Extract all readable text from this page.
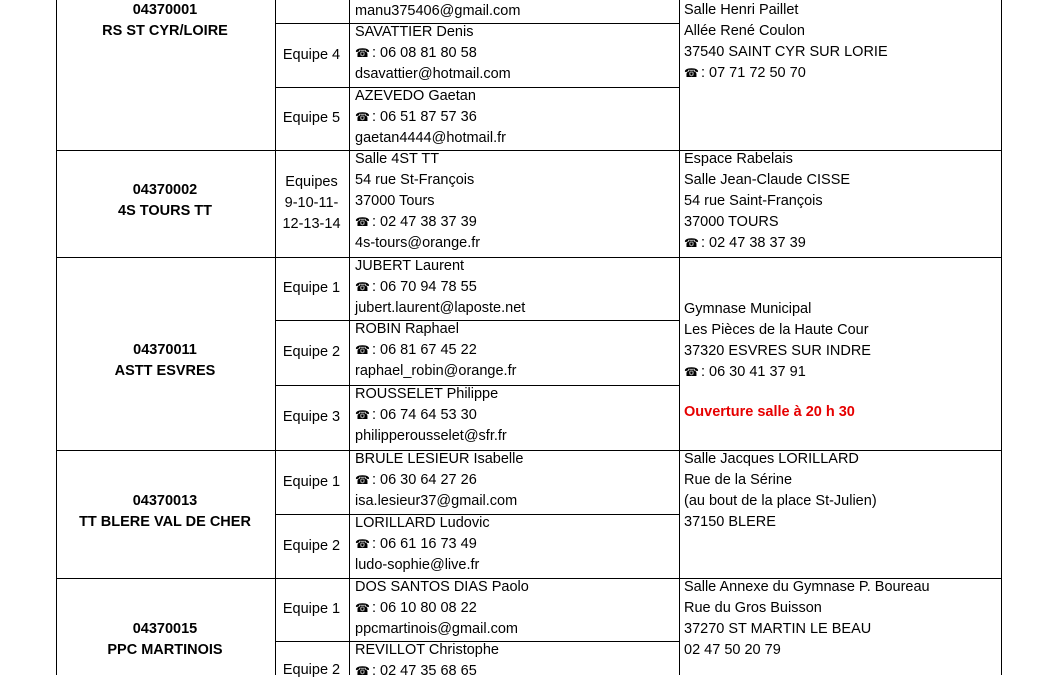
04370001
RS ST CYR/LOIRE
manu375406@gmail.com
Equipe 4
SAVATTIER Denis
☎ : 06 08 81 80 58
dsavattier@hotmail.com
Equipe 5
AZEVEDO Gaetan
☎ : 06 51 87 57 36
gaetan4444@hotmail.fr
Salle Henri Paillet
Allée René Coulon
37540 SAINT CYR SUR LORIE
☎ : 07 71 72 50 70
04370002
4S TOURS TT
Equipes
9-10-11-
12-13-14
Salle 4ST TT
54 rue St-François
37000 Tours
☎ : 02 47 38 37 39
4s-tours@orange.fr
Espace Rabelais
Salle Jean-Claude CISSE
54 rue Saint-François
37000 TOURS
☎ : 02 47 38 37 39
04370011
ASTT ESVRES
Equipe 1
JUBERT Laurent
☎ : 06 70 94 78 55
jubert.laurent@laposte.net
Equipe 2
ROBIN Raphael
☎ : 06 81 67 45 22
raphael_robin@orange.fr
Equipe 3
ROUSSELET Philippe
☎ : 06 74 64 53 30
philipperousselet@sfr.fr
Gymnase Municipal
Les Pièces de la Haute Cour
37320 ESVRES SUR INDRE
☎ : 06 30 41 37 91
Ouverture salle à 20 h 30
04370013
TT BLERE VAL DE CHER
Equipe 1
BRULE LESIEUR Isabelle
☎ : 06 30 64 27 26
isa.lesieur37@gmail.com
Equipe 2
LORILLARD Ludovic
☎ : 06 61 16 73 49
ludo-sophie@live.fr
Salle Jacques LORILLARD
Rue de la Sérine
(au bout de la place St-Julien)
37150 BLERE
04370015
PPC MARTINOIS
Equipe 1
DOS SANTOS DIAS Paolo
☎ : 06 10 80 08 22
ppcmartinois@gmail.com
Equipe 2
REVILLOT Christophe
☎ : 02 47 35 68 65
Salle Annexe du Gymnase P. Boureau
Rue du Gros Buisson
37270 ST MARTIN LE BEAU
02 47 50 20 79
